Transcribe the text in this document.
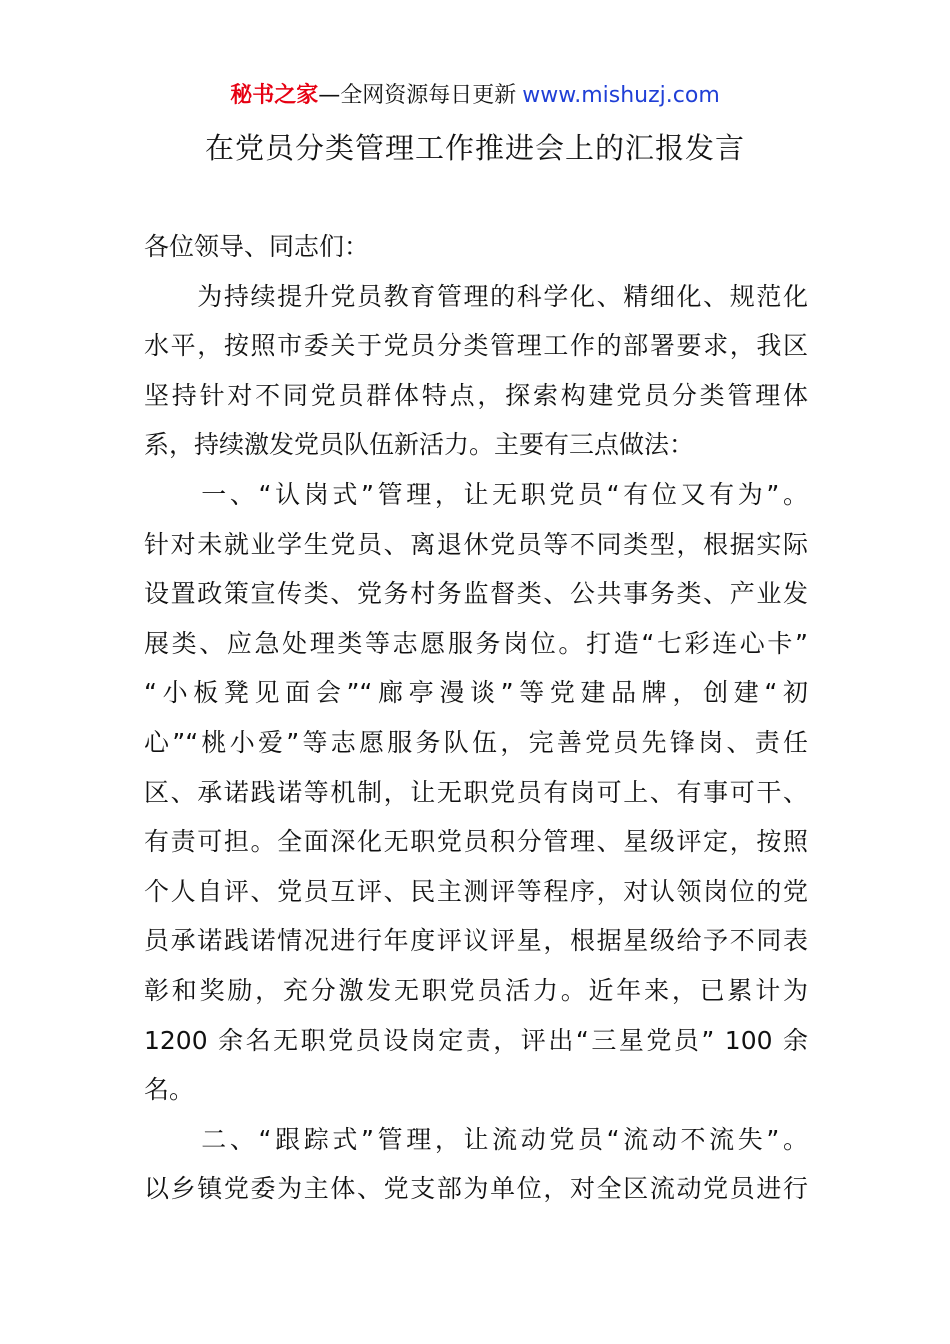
秘书之家—全网资源每日更新 www.mishuzj.com
在党员分类管理工作推进会上的汇报发言
各位领导、同志们：
　　为持续提升党员教育管理的科学化、精细化、规范化
水平，按照市委关于党员分类管理工作的部署要求，我区
坚持针对不同党员群体特点，探索构建党员分类管理体
系，持续激发党员队伍新活力。主要有三点做法：
　　一、“认岗式”管理，让无职党员“有位又有为”。
针对未就业学生党员、离退休党员等不同类型，根据实际
设置政策宣传类、党务村务监督类、公共事务类、产业发
展类、应急处理类等志愿服务岗位。打造“七彩连心卡”
“小板凳见面会”“廊亭漫谈”等党建品牌，创建“初
心”“桃小爱”等志愿服务队伍，完善党员先锋岗、责任
区、承诺践诺等机制，让无职党员有岗可上、有事可干、
有责可担。全面深化无职党员积分管理、星级评定，按照
个人自评、党员互评、民主测评等程序，对认领岗位的党
员承诺践诺情况进行年度评议评星，根据星级给予不同表
彰和奖励，充分激发无职党员活力。近年来，已累计为
1200 余名无职党员设岗定责，评出“三星党员” 100 余
名。
　　二、“跟踪式”管理，让流动党员“流动不流失”。
以乡镇党委为主体、党支部为单位，对全区流动党员进行
